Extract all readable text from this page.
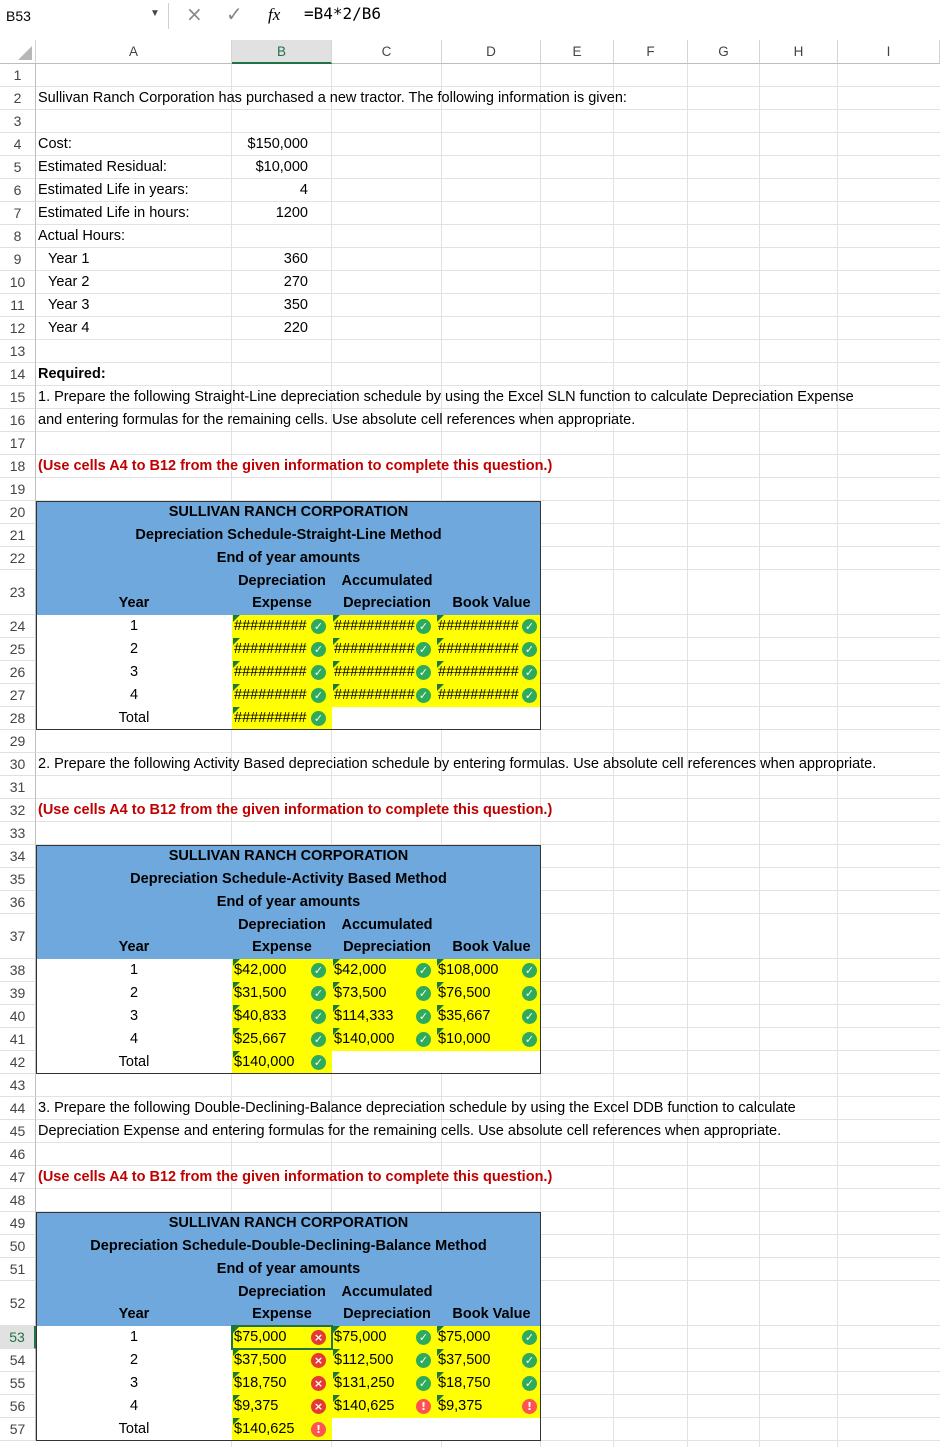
B53	▼ × ✓ fx =B4*2/B6
A	B	C	D	E	F	G	H	I
1
2
3
4
5
6
7
8
9
10
11
12
13
14
15
16
17
18
19
20
21
22
23
24
25
26
27
28
29
30
31
32
33
34
35
36
37
38
39
40
41
42
43
44
45
46
47
48
49
50
51
52
53
54
55
56
57
Sullivan Ranch Corporation has purchased a new tractor. The following information is given:
Cost:	$150,000
Estimated Residual:	$10,000
Estimated Life in years:	4
Estimated Life in hours:	1200
Actual Hours:
Year 1	360
Year 2	270
Year 3	350
Year 4	220
Required:
1. Prepare the following Straight-Line depreciation schedule by using the Excel SLN function to calculate Depreciation Expense
and entering formulas for the remaining cells. Use absolute cell references when appropriate.
(Use cells A4 to B12 from the given information to complete this question.)
2. Prepare the following Activity Based depreciation schedule by entering formulas. Use absolute cell references when appropriate.
(Use cells A4 to B12 from the given information to complete this question.)
3. Prepare the following Double-Declining-Balance depreciation schedule by using the Excel DDB function to calculate
Depreciation Expense and entering formulas for the remaining cells. Use absolute cell references when appropriate.
(Use cells A4 to B12 from the given information to complete this question.)
SULLIVAN RANCH CORPORATION
Depreciation Schedule-Straight-Line Method
End of year amounts
Depreciation	Accumulated
Year	Expense	Depreciation	Book Value
1	######### ########## ##########
✓	✓	✓
2	######### ########## ##########
✓	✓	✓
3	######### ########## ##########
✓	✓	✓
4	######### ########## ##########
✓	✓	✓
Total	######### ✓
SULLIVAN RANCH CORPORATION
Depreciation Schedule-Activity Based Method
End of year amounts
Depreciation	Accumulated
Year	Expense	Depreciation	Book Value
1	$42,000	$42,000	$108,000
✓	✓	✓
2	$31,500	$73,500	$76,500
✓	✓	✓
3	$40,833	$114,333	$35,667
✓	✓	✓
4	$25,667	$140,000	$10,000
✓	✓	✓
Total	$140,000 ✓
SULLIVAN RANCH CORPORATION
Depreciation Schedule-Double-Declining-Balance Method
End of year amounts
Depreciation	Accumulated
Year	Expense	Depreciation	Book Value
1	$75,000	$75,000	$75,000
×	✓	✓
2	$37,500	$112,500	$37,500
×	✓	✓
3	$18,750	$131,250	$18,750
×	✓	✓
4	$9,375	$140,625	$9,375
×	!	!
Total	$140,625	!
